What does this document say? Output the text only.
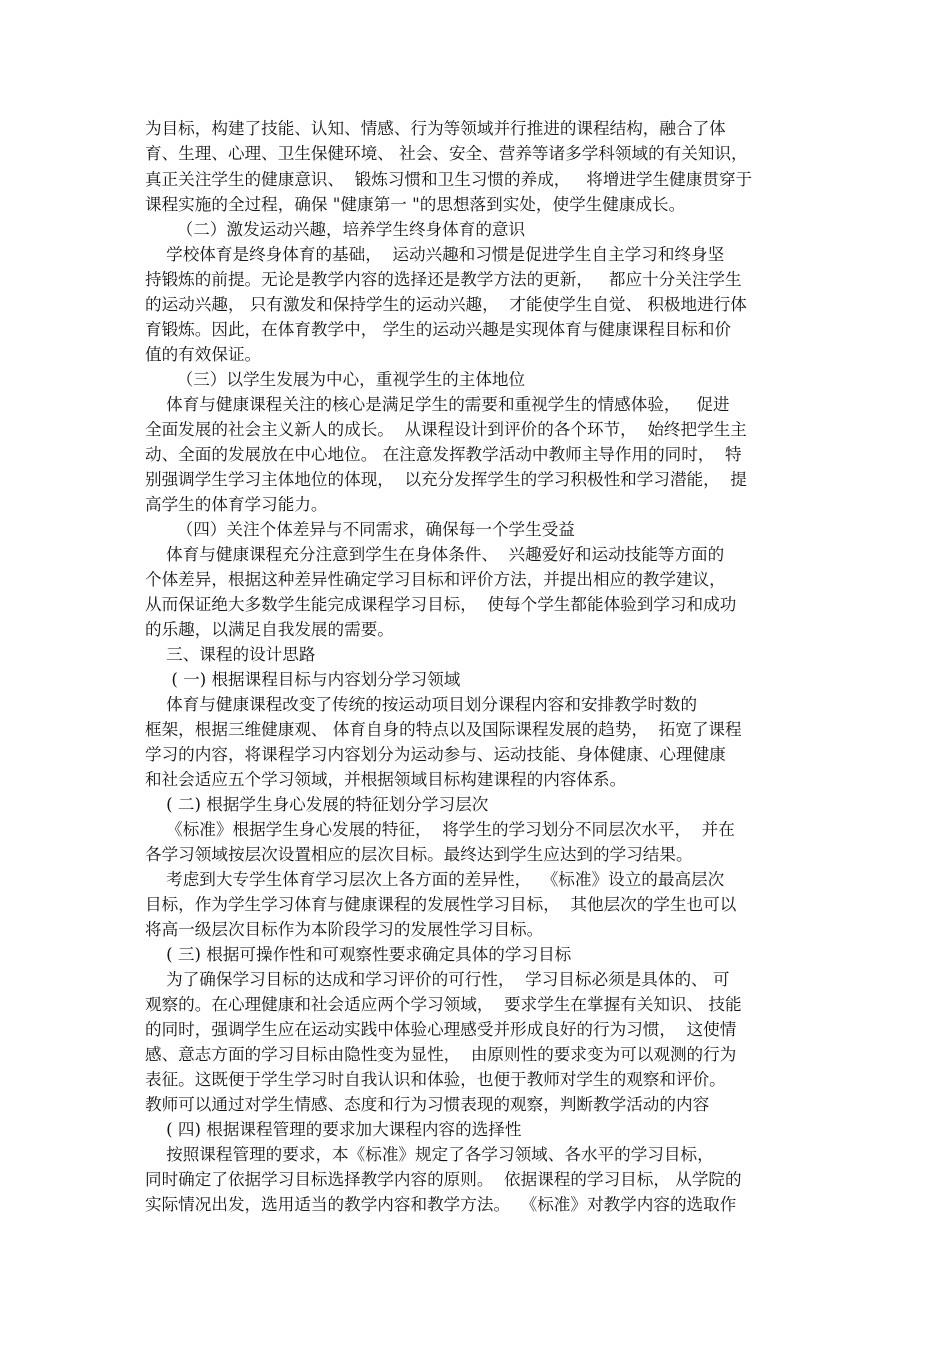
为目标，构建了技能、认知、情感、行为等领域并行推进的课程结构，融合了体
育、生理、心理、卫生保健环境、 社会、安全、营养等诸多学科领域的有关知识，
真正关注学生的健康意识、  锻炼习惯和卫生习惯的养成，   将增进学生健康贯穿于
课程实施的全过程，确保 "健康第一 "的思想落到实处，使学生健康成长。
（二）激发运动兴趣，培养学生终身体育的意识
学校体育是终身体育的基础，  运动兴趣和习惯是促进学生自主学习和终身坚
持锻炼的前提。无论是教学内容的选择还是教学方法的更新，   都应十分关注学生
的运动兴趣， 只有激发和保持学生的运动兴趣，  才能使学生自觉、 积极地进行体
育锻炼。因此，在体育教学中， 学生的运动兴趣是实现体育与健康课程目标和价
值的有效保证。
（三）以学生发展为中心，重视学生的主体地位
体育与健康课程关注的核心是满足学生的需要和重视学生的情感体验，   促进
全面发展的社会主义新人的成长。  从课程设计到评价的各个环节，  始终把学生主
动、全面的发展放在中心地位。 在注意发挥教学活动中教师主导作用的同时，  特
别强调学生学习主体地位的体现，  以充分发挥学生的学习积极性和学习潜能，  提
高学生的体育学习能力。
（四）关注个体差异与不同需求，确保每一个学生受益
体育与健康课程充分注意到学生在身体条件、  兴趣爱好和运动技能等方面的
个体差异，根据这种差异性确定学习目标和评价方法，并提出相应的教学建议，
从而保证绝大多数学生能完成课程学习目标，  使每个学生都能体验到学习和成功
的乐趣，以满足自我发展的需要。
三、课程的设计思路
( 一) 根据课程目标与内容划分学习领域
体育与健康课程改变了传统的按运动项目划分课程内容和安排教学时数的
框架，根据三维健康观、 体育自身的特点以及国际课程发展的趋势，  拓宽了课程
学习的内容，将课程学习内容划分为运动参与、运动技能、身体健康、心理健康
和社会适应五个学习领域，并根据领域目标构建课程的内容体系。
( 二) 根据学生身心发展的特征划分学习层次
《标准》根据学生身心发展的特征，  将学生的学习划分不同层次水平，  并在
各学习领域按层次设置相应的层次目标。最终达到学生应达到的学习结果。
考虑到大专学生体育学习层次上各方面的差异性，  《标准》设立的最高层次
目标，作为学生学习体育与健康课程的发展性学习目标，  其他层次的学生也可以
将高一级层次目标作为本阶段学习的发展性学习目标。
( 三) 根据可操作性和可观察性要求确定具体的学习目标
为了确保学习目标的达成和学习评价的可行性，  学习目标必须是具体的、 可
观察的。在心理健康和社会适应两个学习领域，  要求学生在掌握有关知识、 技能
的同时，强调学生应在运动实践中体验心理感受并形成良好的行为习惯，  这使情
感、意志方面的学习目标由隐性变为显性，  由原则性的要求变为可以观测的行为
表征。这既便于学生学习时自我认识和体验，也便于教师对学生的观察和评价。
教师可以通过对学生情感、态度和行为习惯表现的观察，判断教学活动的内容
( 四) 根据课程管理的要求加大课程内容的选择性
按照课程管理的要求，本《标准》规定了各学习领域、各水平的学习目标，
同时确定了依据学习目标选择教学内容的原则。  依据课程的学习目标， 从学院的
实际情况出发，选用适当的教学内容和教学方法。  《标准》对教学内容的选取作
